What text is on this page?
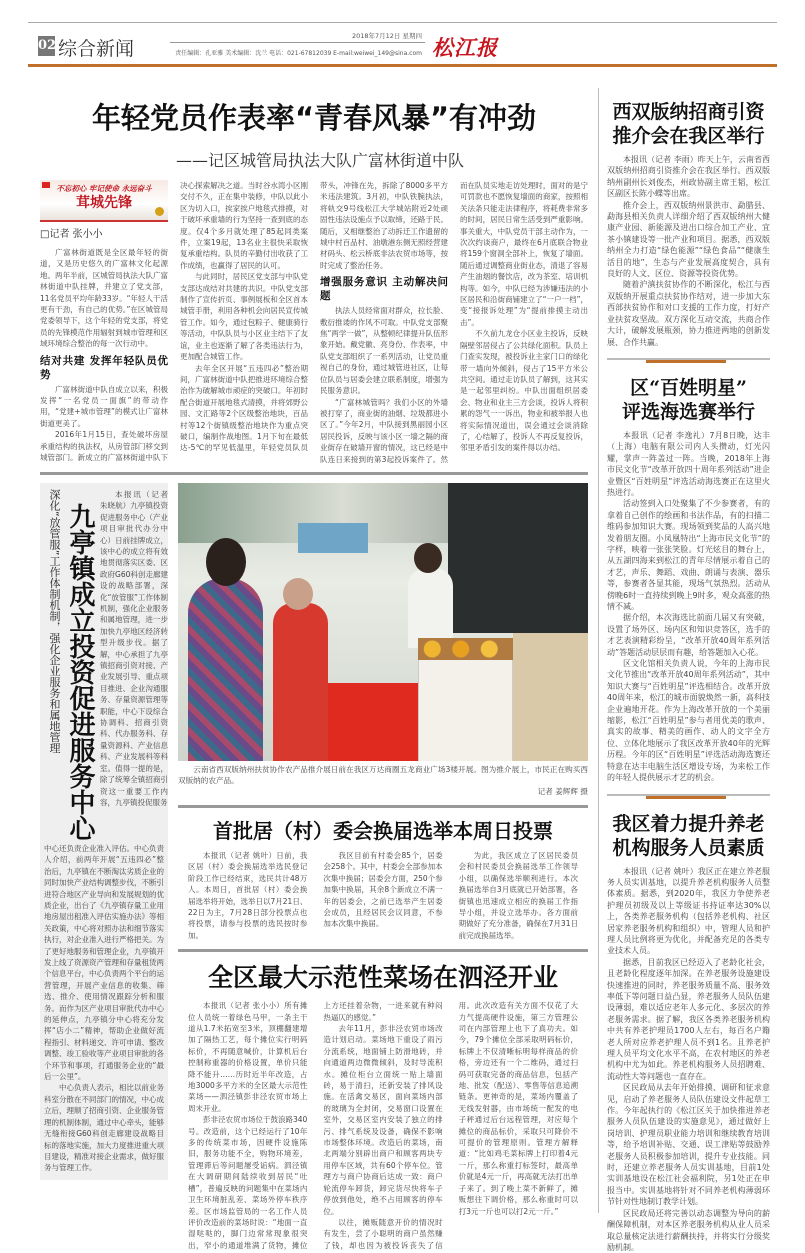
02 综合新闻
2018年7月12日 星期四
责任编辑：孔亚雅 美术编辑：沈兰 电话：021-67812039 E-mail:weiwei_149@sina.com 松江报
年轻党员作表率“青春风暴”有冲劲
——记区城管局执法大队广富林街道中队
不忘初心 牢记使命 永远奋斗
茸城先锋
□记者 张小小

广富林街道既是全区最年轻的街道，又是历史悠久的广富林文化起源地。两年半前，区城管局执法大队广富林街道中队挂牌，并建立了党支部，11名党员平均年龄33岁。“年轻人干活更有干劲，有自己的优势。”在区城管局党委领导下，这个年轻的党支部，将党员的先锋模范作用辐射到城市管理和区域环境综合整治的每一次行动中。

结对共建 发挥年轻队员优势

广富林街道中队自成立以来，积极发挥“一名党员一面旗”的带动作用，“党建+城市管理”的模式让广富林街道更美了。

2016年1月15日，查处破坏房屋承重结构的执法权，从房管部门移交到城管部门。新成立的广富林街道中队下决心探索解决之道。当时谷水湾小区刚交付不久，正在集中装修，中队以此小区为切入口，挨家挨户地毯式排摸，对于破坏承重墙的行为坚持一查到底的态度。仅4个多月就处理了85起同类案件，立案19起，13名业主很快采取恢复承重结构。队员的辛勤付出收获了工作成绩，也赢得了居民的认可。

与此同时，居民区党支部与中队党支部达成结对共建的共识。中队党支部制作了宣传折页、事例展板和全区首本城管手册，利用各种机会向居民宣传城管工作。如今，通过包粽子、健康骑行等活动，中队队员与小区业主结下了友谊，业主也逐渐了解了各类违法行为，更加配合城管工作。

去年全区开展“五违四必”整治期间，广富林街道中队把推进环境综合整治作为破解城市顽症的突破口。年初时配合街道开展地毯式清摸，并将郊野公园、文汇路等2个区级整治地块，百品村等12个街镇级整治地块作为重点突破口，编制作战地图。1月下旬在最低达-5℃的罕见低温里，年轻党员队员带头，冲锋在先，拆除了8000多平方米违法建筑。3月初，中队铁腕执法，将轨交9号线松江大学城站附近2处顽固性违法设施点予以取缔，还路于民。随后，又相继整治了动拆迁工作遗留的城中村百品村、油墩港东侧无照经营建材码头、松云桥底非法农贸市场等，按时完成了整治任务。

增强服务意识 主动解决问题

执法人员经常面对群众，拉长脸、敷衍推诿的作风不可取。中队党支部聚焦“两学一做”，从整顿纪律提升队伍形象开始。戴党徽、亮身份、作表率，中队党支部组织了一系列活动，让党员重视自己的身份，通过城管进社区，让每位队员与居委会建立联系制度，增强为民服务意识。

“广富林城管吗？我们小区的外墙被打穿了，商业街的油烟、垃圾都进小区了。”今年2月，中队接到黑丽园小区居民投诉，反映与该小区一墙之隔的商业街存在破墙开窗的情况，这已经是中队连日来接到的第3起投诉案件了。然而在队员实地走访处理时，面对的是宁可罚款也不愿恢复墙面的商家，按照相关法条只能走法律程序，将耗费非常多的时间，居民日常生活受到严重影响。事关重大，中队党员干部主动作为，一次次约谈商户，最终在6月底联合物业将159个窗洞全部补上，恢复了墙面。随后通过调整商业街业态，清退了容易产生油烟的餐饮店，改为茶室、培训机构等。如今，中队已经为涉嫌违法的小区居民和沿街商铺建立了“一户一档”，变“接报诉处理”为“提前排摸主动出击”。

不久前九龙仓小区业主投诉，反映隔壁邻居侵占了公共绿化面积。队员上门查实发现，被投诉业主家门口的绿化带一墙向外倾斜，侵占了15平方米公共空间。通过走访队员了解到，这其实是一起邻里纠纷。中队出面组织居委会、物业和业主三方会谈，投诉人将积累的怨气一一诉出，物业和被举报人也将实际情况道出，误会通过会谈消除了，心结解了，投诉人不再反复投诉，邻里矛盾引发的案件得以办结。

深化“放管服”工作体制机制，强化企业服务和属地管理 九亭镇成立投资促进服务中心

本报讯（记者 朱晓航）九亭镇投资促进服务中心（产业项目审批代办分中心）日前挂牌成立，该中心的成立将有效地贯彻落实区委、区政府G60科创走廊建设的战略部署，深化“放管服”工作体制机制，强化企业服务和属地管理，进一步加快九亭地区经济转型升级步伐。据了解，中心承担了九亭镇招商引资对接、产业发展引导、重点项目推进、企业沟通服务、存量资源管理等职能，中心下设综合协调科、招商引资科、代办服务科、存量资源科、产业信息科、产业发展科等科室。值得一提的是，除了统筹全镇招商引资这一重要工作内容，九亭镇投促服务

中心还负责企业准入评估。中心负责人介绍，前两年开展“五违四必”整治后，九亭镇在不断淘汰劣质企业的同时加快产业结构调整步伐，不断引进符合地区产业导向和发展规划的优质企业，出台了《九亭镇存量工业用地房屋出租准入评估实施办法》等相关政策，中心将对照办法和细节落实执行，对企业准入进行严格把关。为了更好地服务和管理企业，九亭镇开发上线了资源资产管理和存量租赁两个信息平台，中心负责两个平台的运营管理，开展产业信息的收集、筛选、推介、使用情况跟踪分析和服务。而作为区产业项目审批代办中心的延伸点，九亭镇分中心将充分发挥“店小二”精神，帮助企业做好流程指引、材料递交、许可申请、整改调整、竣工验收等产业项目审批的各个环节和事项，打通服务企业的“最后一公里”。

中心负责人表示，相比以前业务科室分散在不同部门的情况，中心成立后，理顺了招商引资、企业服务管理的机制体制，通过中心牵头，能够无缝衔接G60科创走廊建设战略目标的落地实施，加大力度推进重大项目建设，精准对接企业需求，做好服务与管理工作。

云南省西双版纳州扶贫协作农产品推介展日前在我区万达商圈五龙商业广场3楼开展。图为推介展上，市民正在购买西双版纳的农产品。

记者 姜辉辉 摄
首批居（村）委会换届选举本周日投票

本报讯（记者 姚叶）日前，我区居（村）委会换届选举选民登记阶段工作已经结束，选民共计48万人。本周日，首批居（村）委会换届选举将开始，选举日以7月21日、22日为主，7月28日部分投票点也将投票，请参与投票的选民按时参加。

我区目前有村委会85个，居委会258个。其中，村委会全部参加本次集中换届；居委会方面，250个参加集中换届，其余8个新成立不满一年的居委会，之前已选举产生居委会成员，且经居民会议同意，不参加本次集中换届。

为此，我区成立了区居民委员会和村民委员会换届选举工作领导小组，以确保选举顺利进行。本次换届选举自3月底就已开始部署，各街镇也迅速成立相应的换届工作指导小组，并设立选举办。各方面前期做好了充分准备，确保在7月31日前完成换届选举。

全区最大示范性菜场在泗泾开业

本报讯（记者 张小小）所有摊位人员统一着绿色马甲，一条主干道从1.7米拓宽至3米，顶棚翻建增加了隔热工艺，每个摊位实行明码标价，不再随意喊价，计算机后台控制称重器的价格设置，单价只能降不能升……历时近半年改造，占地3000多平方米的全区最大示范性菜场——泗泾镇彭非泾农贸市场上周末开业。

彭非泾农贸市场位于鼓浪路340号。改造前，这个已经运行了10年多的传统菜市场，因硬件设施陈旧，服务功能不全，购物环境差，管理滞后等问题屡受诟病。泗泾镇在大调研期间陆续收到居民“吐槽”，普遍反映的问题集中在菜场内卫生环境脏乱差、菜场外停车秩序差。区市场监管局的一名工作人员评价改造前的菜场时说：“地面一直湿哒哒的，脚门边常常现象很突出，窄小的通道堆满了货物，摊位上方还挂着杂物，一进来就有种闷热逼仄的感觉。”

去年11月，彭非泾农贸市场改造计划启动。菜场地下重设了雨污分流系统，地面铺上防滑地砖，并向通道两边微微倾斜，及时导流积水。摊位柜台立面统一贴上墙面砖，易于清扫，还新安装了排风设施。在活禽交易区，面向菜场内部的玻璃为全封闭，交易窗口设置在室外，交易区室内安装了独立的排污、排气系统及设备，确保不影响市场整体环境。改造后的菜场，南北两端分别辟出商户和顾客两块专用停车区域，共有60个停车位。管理方与商户协商后达成一致：商户轮流停车卸货，卸完货尽快将车子停放到他处，绝不占用顾客的停车位。

以往，摊贩随意开价的情况时有发生，尝了小聪明的商户虽然赚了钱，却也因为被投诉丧失了信用。此次改造有关方面不仅花了大力气提高硬件设施，第三方管理公司在内部管理上也下了真功夫。如今，79个摊位全部采取明码标价，标牌上不仅清晰标明每样商品的价格，旁边还有一个二维码，通过扫码可获取完备的商品信息，包括产地、批发（配送）、零售等信息追溯链条。更神奇的是，菜场内覆盖了无线发射器，由市场统一配发的电子秤通过后台远程管理，对应每个摊位的商品标价，采取只可降价不可提价的管理原则。管理方解释道：“比如鸡毛菜标牌上打印着4元一斤，那么称重打标签时，最高单价就是4元一斤，再高就无法打出单子来了。到了晚上菜不新鲜了，摊贩想往下调价格，那么称重时可以打3元一斤也可以打2元一斤。”

西双版纳招商引资
推介会在我区举行

本报讯（记者 李雨）昨天上午，云南省西双版纳州招商引资推介会在我区举行。西双版纳州副州长刘俊杰，州政协副主席王韬，松江区副区长陈小蝶等出席。

推介会上，西双版纳州景洪市、勐腊县、勐海县相关负责人详细介绍了西双版纳州大健康产业园、新能源及进出口综合加工产业、宜茶小镇建设等一批产业和项目。据悉，西双版纳州全力打造“绿色能源”“绿色食品”“健康生活目的地”，生态与产业发展高度契合，具有良好的人文、区位、资源等投资优势。

随着沪滇扶贫协作的不断深化，松江与西双版纳开展重点扶贫协作结对，进一步加大东西部扶贫协作和对口支援的工作力度，打好产业扶贫攻坚战。双方深化互动交流，共商合作大计，破解发展瓶颈，协力推进两地的创新发展、合作共赢。

区“百姓明星”
评选海选赛举行

本报讯（记者 李逸礼）7月8日晚，达丰（上海）电脑有限公司内人头攒动，灯光闪耀，掌声一阵盖过一阵。当晚，2018年上海市民文化节“改革开放四十周年系列活动”进企业暨区“百姓明星”评选活动海选赛正在这里火热进行。

活动签到入口处聚集了不少参赛者，有的拿着自己创作的绘画和书法作品，有的扫描二维码参加知识大赛。现场领到奖品的人高兴地发着朋友圈。小凤凰特出“上海市民文化节”的字样，映着一张张笑脸。灯光炫目的舞台上，从五湖四海来到松江的青年尽情展示着自己的才艺，声乐、舞蹈、戏曲、朗诵与表演、器乐等，参赛者各显其能，现场气氛热烈。活动从傍晚6时一直持续到晚上9时多，观众高涨的热情不减。

据介绍，本次海选比前面几届又有突破，设置了场外区、场内区和知识竞答区，选手的才艺表演精彩纷呈，“改革开放40周年系列活动”答题活动层层而有趣，给答题加入心花。

区文化馆相关负责人说，今年的上海市民文化节推出“改革开放40周年系列活动”，其中知识大赛与“百姓明星”评选相结合。改革开放40周年来，松江的城市面貌焕然一新，高科技企业遍地开花。作为上海改革开放的一个美丽缩影，松江“百姓明星”参与者用优美的歌声、真实的故事、精美的画作、动人的文字全方位、立体化地展示了我区改革开放40年的光辉历程。今年的区“百姓明星”评选活动海选赛还特意在达丰电脑生活区增设专场，为来松工作的年轻人提供展示才艺的机会。

我区着力提升养老
机构服务人员素质

本报讯（记者 姚叶）我区正在建立养老服务人员实训基地，以提升养老机构服务人员整体素质。据悉，到2020年，我区力争使养老护理员初级及以上等级证书持证率达30%以上，各类养老服务机构（包括养老机构、社区居家养老服务机构和组织）中，管理人员和护理人员比例将更为优化，并配备充足的各类专业技术人员。

据悉，目前我区已经迈入了老龄化社会，且老龄化程度逐年加深。在养老服务设施建设快速推进的同时，养老服务质量不高、服务效率低下等问题日益凸显，养老服务人员队伍建设薄弱，难以适应老年人多元化、多层次的养老服务需求。据了解，我区各类养老服务机构中共有养老护理员1700人左右，每百名户籍老人所对应养老护理人员不到1名。且养老护理人员平均文化水平不高，在农村地区的养老机构中尤为如此。养老机构服务人员招聘难、流动性大等问题也一直存在。

区民政局从去年开始排摸、调研和征求意见，启动了养老服务人员队伍建设文件起草工作。今年起执行的《松江区关于加快推进养老服务人员队伍建设的实施意见》，通过做好上岗培训、护理员职业能力培训和继续教育培训等，给予培训补贴、交通、误工津贴等鼓励养老服务人员积极参加培训，提升专业技能。同时，还建立养老服务人员实训基地，目前1处实训基地设在松江社会福利院，另1处正在申报当中。实训基地将针对不同养老机构薄弱环节针对性地制订教学计划。

区民政局还将完善以动态调整为导向的薪酬保障机制，对本区养老服务机构从业人员采取总量核定法进行薪酬扶持，并将实行分级奖励机制。
